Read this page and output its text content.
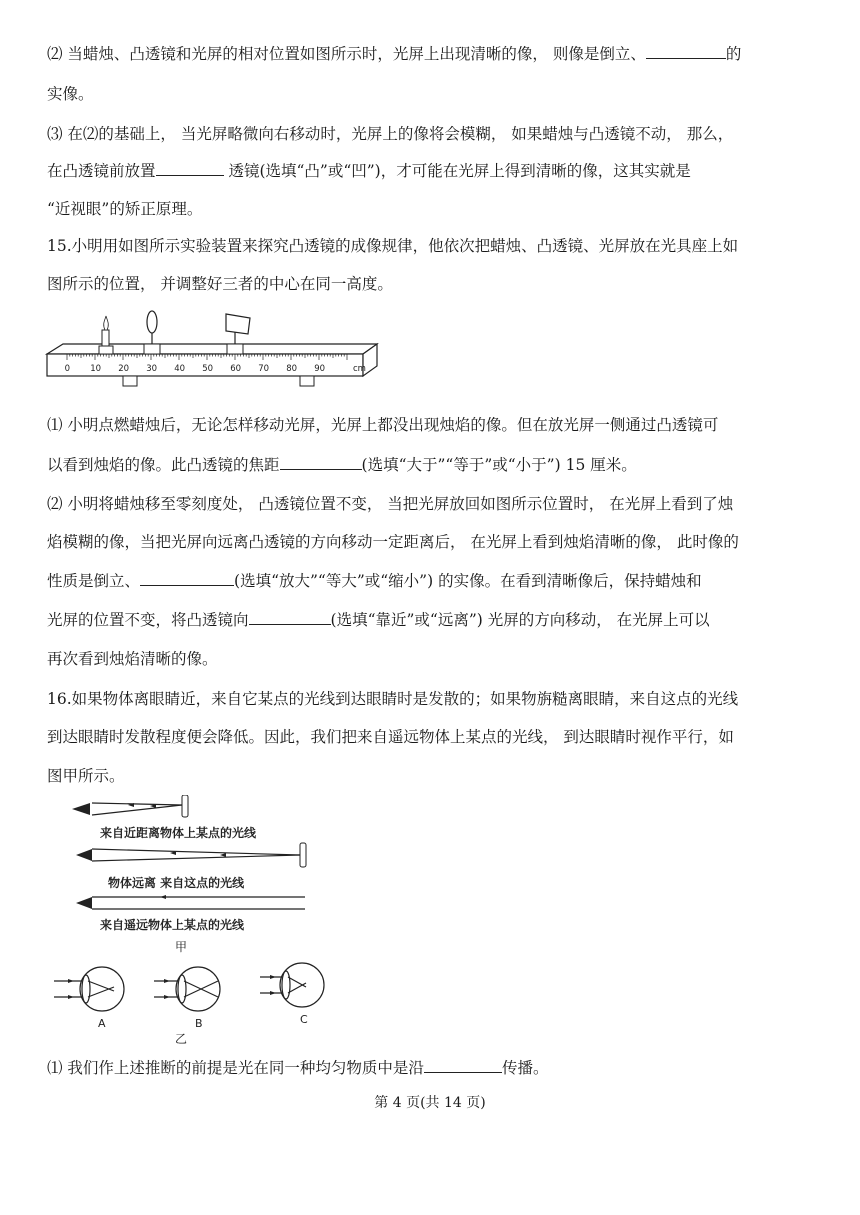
⑵ 当蜡烛、凸透镜和光屏的相对位置如图所示时，光屏上出现清晰的像， 则像是倒立、	的
实像。
⑶ 在⑵的基础上， 当光屏略微向右移动时，光屏上的像将会模糊， 如果蜡烛与凸透镜不动， 那么，
在凸透镜前放置	透镜(选填“凸”或“凹”)，才可能在光屏上得到清晰的像，这其实就是
“近视眼”的矫正原理。
15.小明用如图所示实验装置来探究凸透镜的成像规律，他依次把蜡烛、凸透镜、光屏放在光具座上如
图所示的位置， 并调整好三者的中心在同一高度。
0 10 20 30 40 50 60 70 80 90	cm
⑴ 小明点燃蜡烛后，无论怎样移动光屏，光屏上都没出现烛焰的像。但在放光屏一侧通过凸透镜可
以看到烛焰的像。此凸透镜的焦距	(选填“大于”“等于”或“小于”) 15 厘米。
⑵ 小明将蜡烛移至零刻度处， 凸透镜位置不变， 当把光屏放回如图所示位置时， 在光屏上看到了烛
焰模糊的像，当把光屏向远离凸透镜的方向移动一定距离后， 在光屏上看到烛焰清晰的像， 此时像的
性质是倒立、	(选填“放大”“等大”或“缩小”) 的实像。在看到清晰像后，保持蜡烛和
光屏的位置不变，将凸透镜向	(选填“靠近”或“远离”) 光屏的方向移动， 在光屏上可以
再次看到烛焰清晰的像。
16.如果物体离眼睛近，来自它某点的光线到达眼睛时是发散的；如果物旃糙离眼睛，来自这点的光线
到达眼睛时发散程度便会降低。因此，我们把来自遥远物体上某点的光线， 到达眼睛时视作平行，如
图甲所示。
来自近距离物体上某点的光线
物体远离 来自这点的光线
来自遥远物体上某点的光线
甲
A	B	C
乙
⑴ 我们作上述推断的前提是光在同一种均匀物质中是沿	传播。
第 4 页(共 14 页)
